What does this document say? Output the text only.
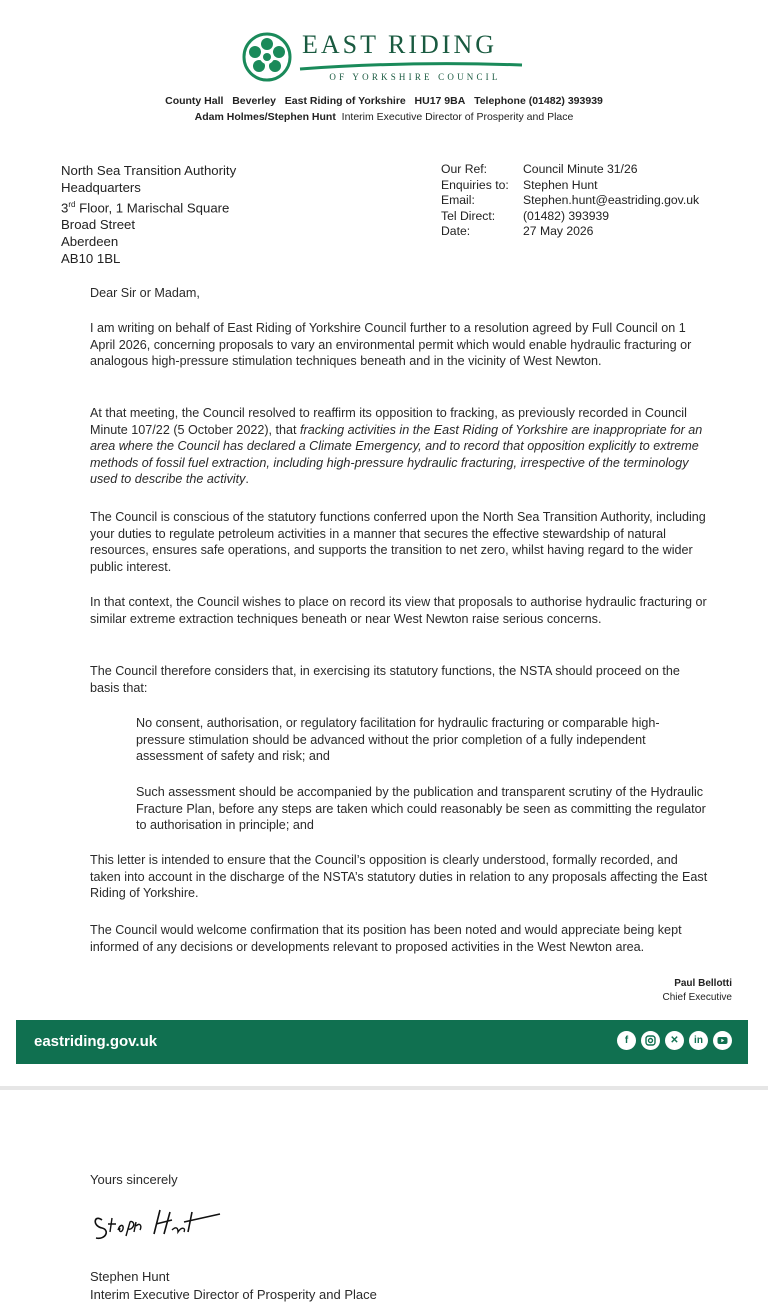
EAST RIDING
OF YORKSHIRE COUNCIL
County Hall Beverley East Riding of Yorkshire HU17 9BA Telephone (01482) 393939
Adam Holmes/Stephen Hunt Interim Executive Director of Prosperity and Place
North Sea Transition Authority
Headquarters
3rd Floor, 1 Marischal Square
Broad Street
Aberdeen
AB10 1BL
Our Ref:	Council Minute 31/26
Enquiries to:	Stephen Hunt
Email:	Stephen.hunt@eastriding.gov.uk
Tel Direct:	(01482) 393939
Date:	27 May 2026
Dear Sir or Madam,

I am writing on behalf of East Riding of Yorkshire Council further to a resolution agreed by Full Council on 1 April 2026, concerning proposals to vary an environmental permit which would enable hydraulic fracturing or analogous high-pressure stimulation techniques beneath and in the vicinity of West Newton.

At that meeting, the Council resolved to reaffirm its opposition to fracking, as previously recorded in Council Minute 107/22 (5 October 2022), that fracking activities in the East Riding of Yorkshire are inappropriate for an area where the Council has declared a Climate Emergency, and to record that opposition explicitly to extreme methods of fossil fuel extraction, including high-pressure hydraulic fracturing, irrespective of the terminology used to describe the activity.

The Council is conscious of the statutory functions conferred upon the North Sea Transition Authority, including your duties to regulate petroleum activities in a manner that secures the effective stewardship of natural resources, ensures safe operations, and supports the transition to net zero, whilst having regard to the wider public interest.

In that context, the Council wishes to place on record its view that proposals to authorise hydraulic fracturing or similar extreme extraction techniques beneath or near West Newton raise serious concerns.

The Council therefore considers that, in exercising its statutory functions, the NSTA should proceed on the basis that:

No consent, authorisation, or regulatory facilitation for hydraulic fracturing or comparable high-pressure stimulation should be advanced without the prior completion of a fully independent assessment of safety and risk; and

Such assessment should be accompanied by the publication and transparent scrutiny of the Hydraulic Fracture Plan, before any steps are taken which could reasonably be seen as committing the regulator to authorisation in principle; and

This letter is intended to ensure that the Council’s opposition is clearly understood, formally recorded, and taken into account in the discharge of the NSTA’s statutory duties in relation to any proposals affecting the East Riding of Yorkshire.

The Council would welcome confirmation that its position has been noted and would appreciate being kept informed of any decisions or developments relevant to proposed activities in the West Newton area.

Paul Bellotti
Chief Executive
eastriding.gov.uk	f	✕	in
Yours sincerely
Stephen Hunt
Interim Executive Director of Prosperity and Place
